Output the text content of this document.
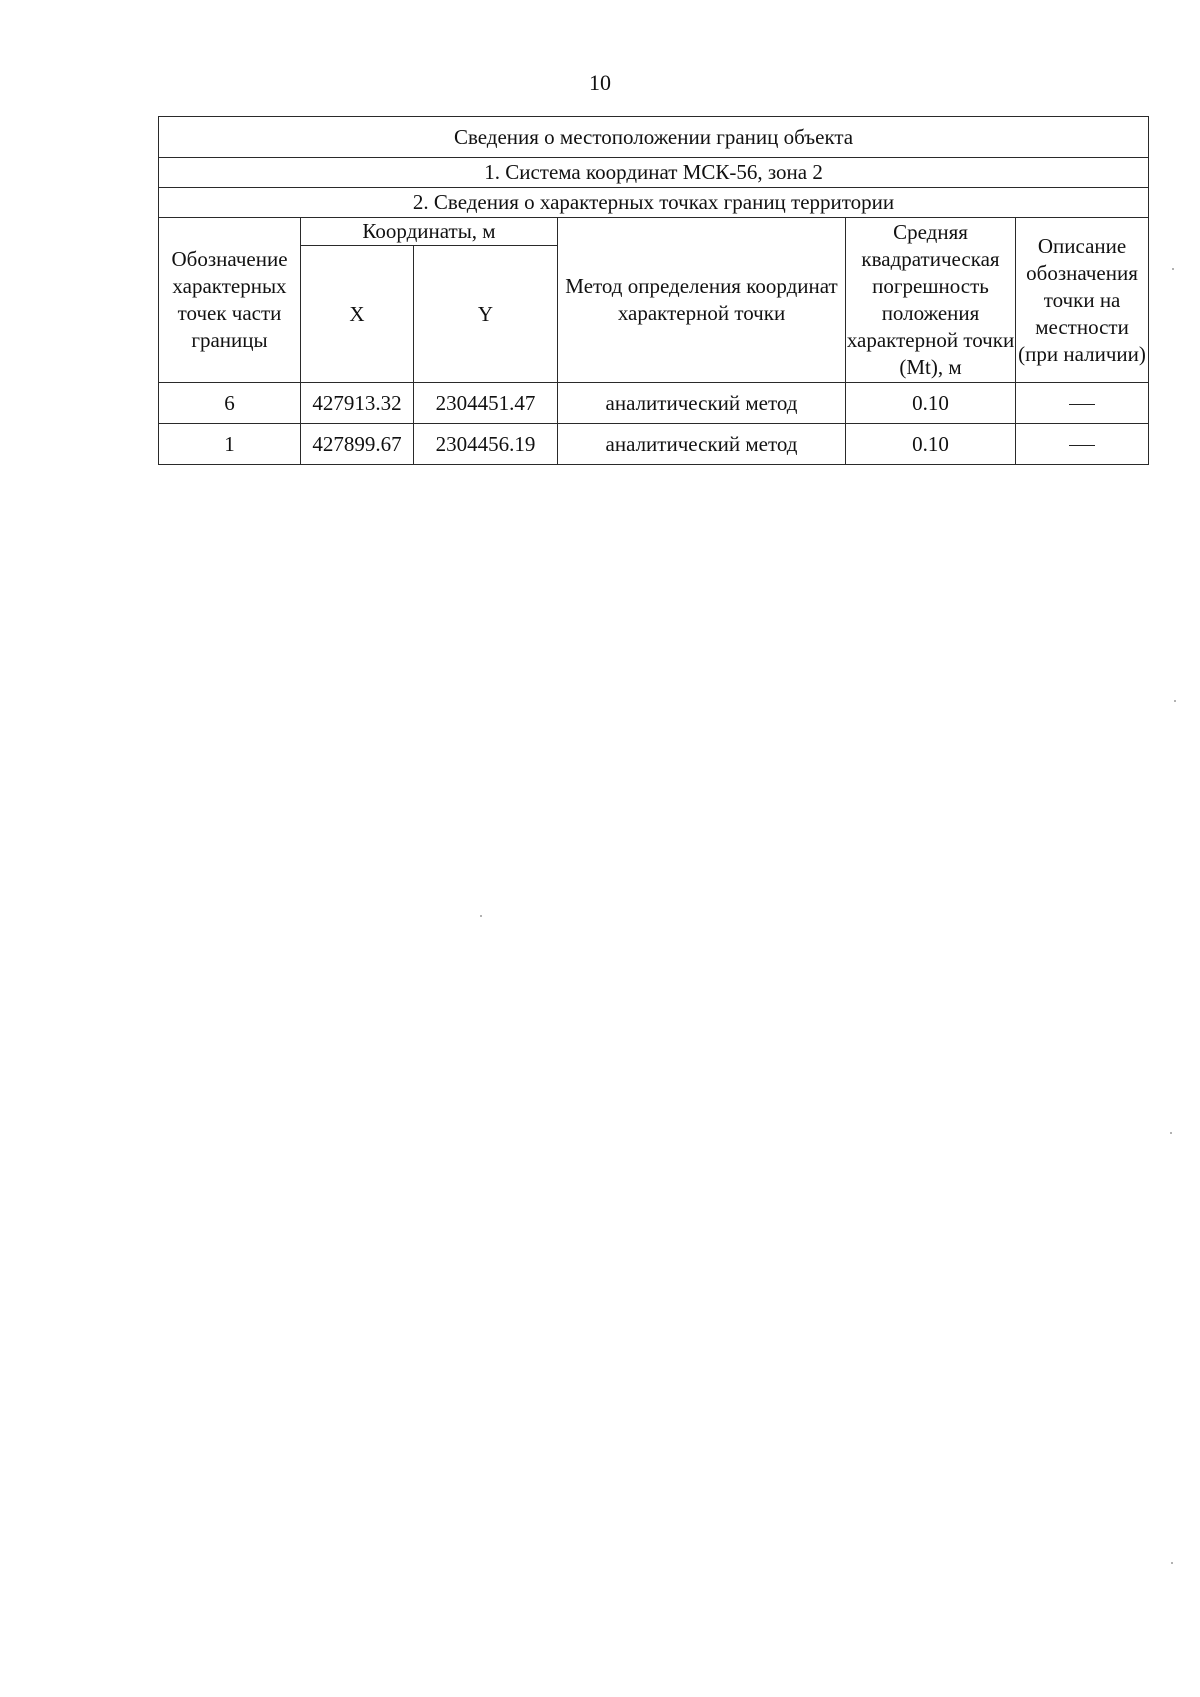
10
Сведения о местоположении границ объекта					
1. Система координат МСК-56, зона 2					
2. Сведения о характерных точках границ территории					
Обозначение характерных точек части границы	Координаты, м		Метод определения координат характерной точки	Средняя квадратическая погрешность положения характерной точки (Mt), м	Описание обозначения точки на местности (при наличии)
	X	Y			
6	427913.32	2304451.47	аналитический метод	0.10	
1	427899.67	2304456.19	аналитический метод	0.10	
